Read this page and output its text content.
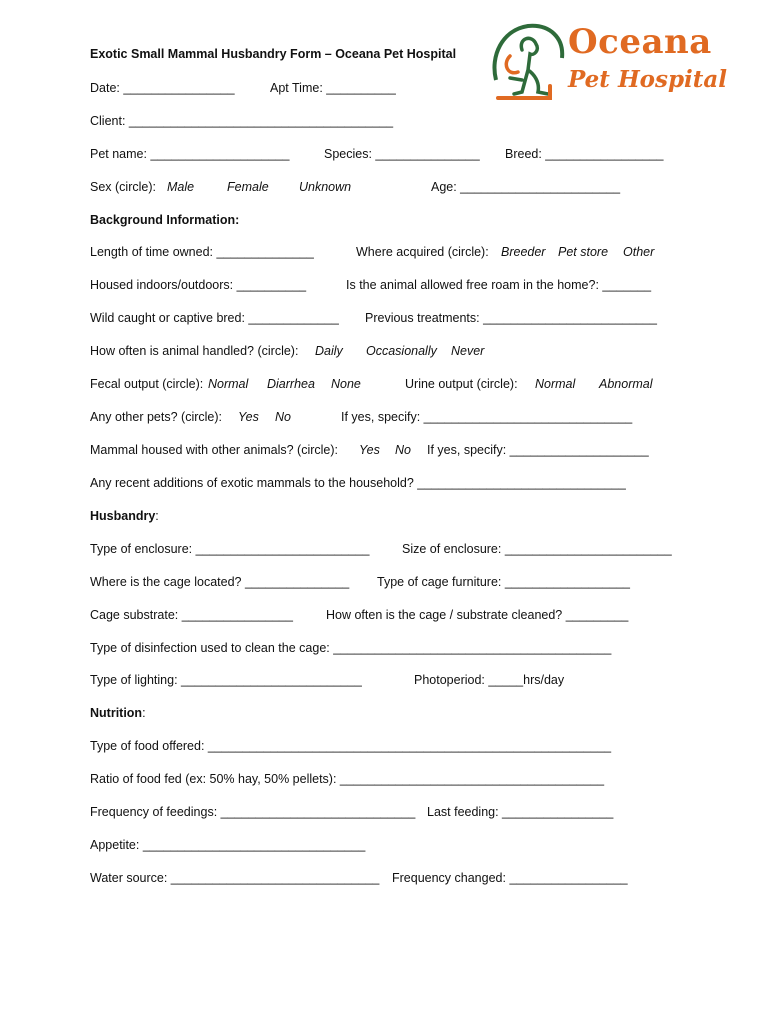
Exotic Small Mammal Husbandry Form – Oceana Pet Hospital	Oceana
Pet Hospital
Date: ________________	Apt Time: __________
Client: ______________________________________
Pet name: ____________________	Species: _______________ Breed: _________________
Sex (circle): Male	Female Unknown	Age: _______________________
Background Information:
Length of time owned: ______________	Where acquired (circle): Breeder Pet store Other
Housed indoors/outdoors: __________	Is the animal allowed free roam in the home?: _______
Wild caught or captive bred: _____________ Previous treatments: _________________________
How often is animal handled? (circle): Daily Occasionally Never
Fecal output (circle): Normal Diarrhea None	Urine output (circle): Normal Abnormal
Any other pets? (circle): Yes No	If yes, specify: ______________________________
Mammal housed with other animals? (circle): Yes No If yes, specify: ____________________
Any recent additions of exotic mammals to the household? ______________________________
Husbandry:
Type of enclosure: _________________________	Size of enclosure: ________________________
Where is the cage located? _______________ Type of cage furniture: __________________
Cage substrate: ________________	How often is the cage / substrate cleaned? _________
Type of disinfection used to clean the cage: ________________________________________
Type of lighting: __________________________	Photoperiod: _____hrs/day
Nutrition:
Type of food offered: __________________________________________________________
Ratio of food fed (ex: 50% hay, 50% pellets): ______________________________________
Frequency of feedings: ____________________________ Last feeding: ________________
Appetite: ________________________________
Water source: ______________________________ Frequency changed: _________________
